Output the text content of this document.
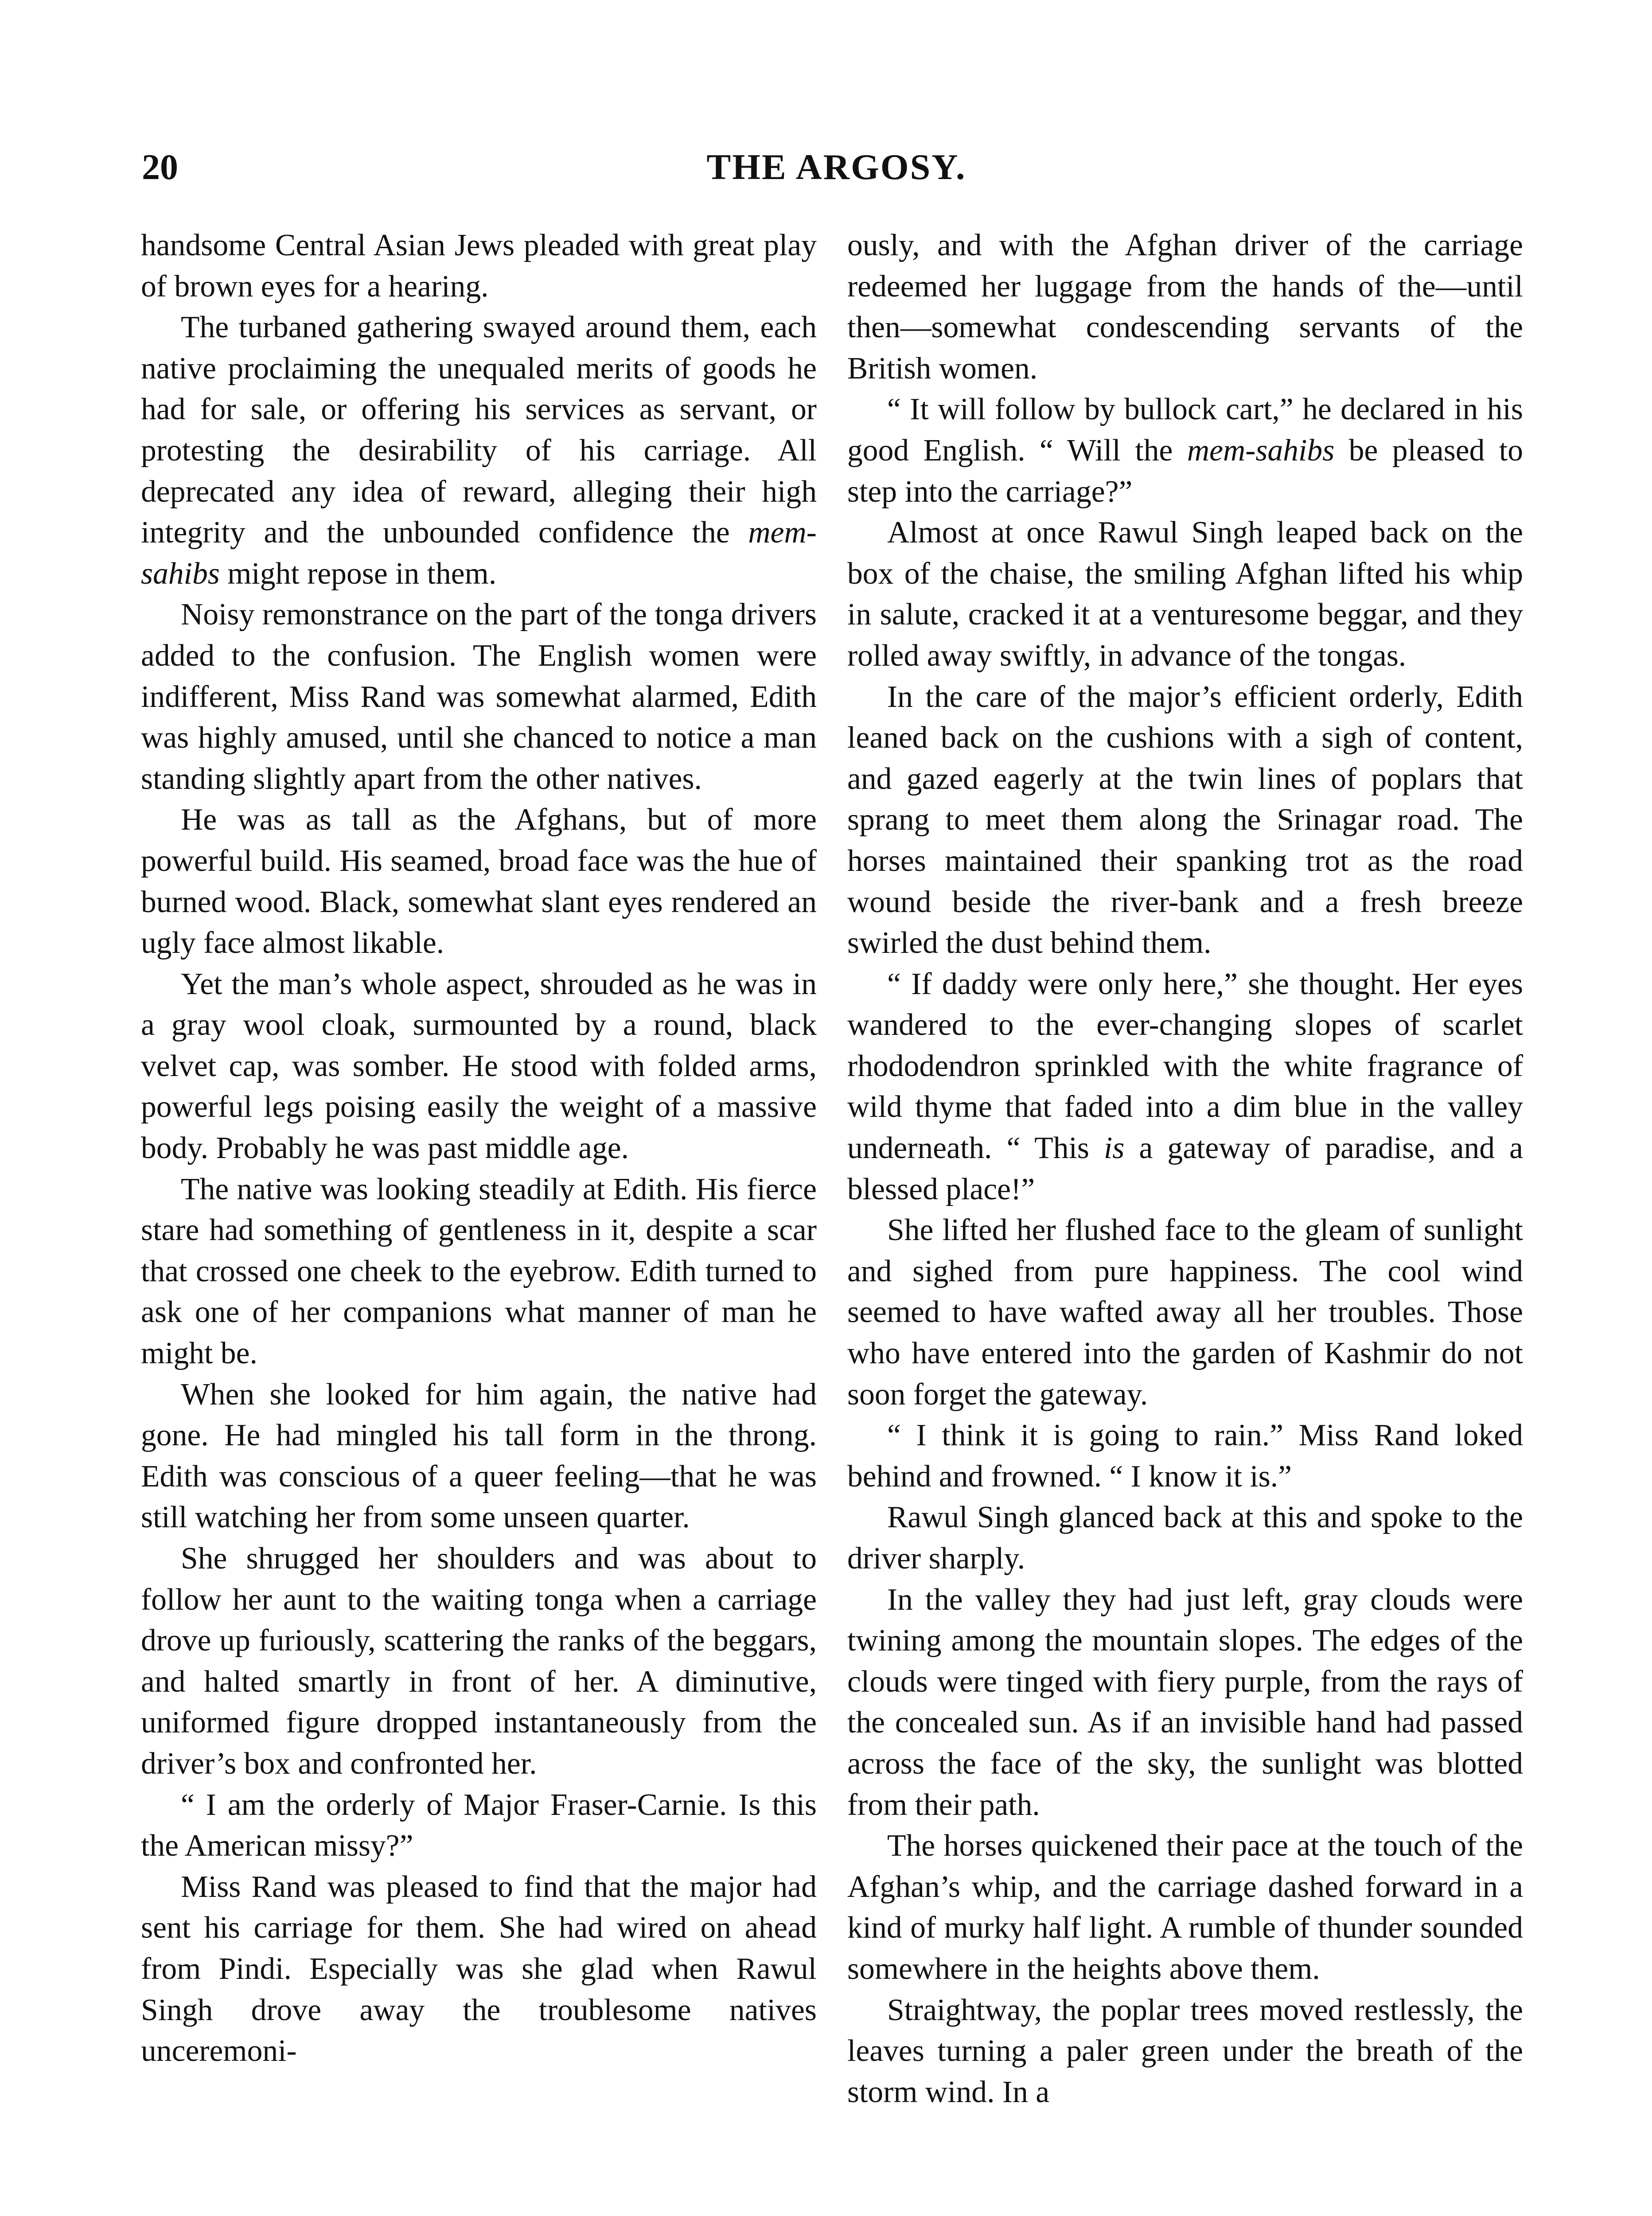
20	THE ARGOSY.

handsome Central Asian Jews pleaded with great play of brown eyes for a hearing.

The turbaned gathering swayed around them, each native proclaiming the unequaled merits of goods he had for sale, or offering his services as servant, or protesting the desirability of his carriage. All deprecated any idea of reward, alleging their high integrity and the unbounded confidence the mem-sahibs might repose in them.

Noisy remonstrance on the part of the tonga drivers added to the confusion. The English women were indifferent, Miss Rand was somewhat alarmed, Edith was highly amused, until she chanced to notice a man standing slightly apart from the other natives.

He was as tall as the Afghans, but of more powerful build. His seamed, broad face was the hue of burned wood. Black, somewhat slant eyes rendered an ugly face almost likable.

Yet the man’s whole aspect, shrouded as he was in a gray wool cloak, surmounted by a round, black velvet cap, was somber. He stood with folded arms, powerful legs poising easily the weight of a massive body. Probably he was past middle age.

The native was looking steadily at Edith. His fierce stare had something of gentleness in it, despite a scar that crossed one cheek to the eyebrow. Edith turned to ask one of her companions what manner of man he might be.

When she looked for him again, the native had gone. He had mingled his tall form in the throng. Edith was conscious of a queer feeling—that he was still watching her from some unseen quarter.

She shrugged her shoulders and was about to follow her aunt to the waiting tonga when a carriage drove up furiously, scattering the ranks of the beggars, and halted smartly in front of her. A diminutive, uniformed figure dropped instantaneously from the driver’s box and confronted her.

“ I am the orderly of Major Fraser-Carnie. Is this the American missy?”

Miss Rand was pleased to find that the major had sent his carriage for them. She had wired on ahead from Pindi. Especially was she glad when Rawul Singh drove away the troublesome natives unceremoni-

ously, and with the Afghan driver of the carriage redeemed her luggage from the hands of the—until then—somewhat condescending servants of the British women.

“ It will follow by bullock cart,” he declared in his good English. “ Will the mem-sahibs be pleased to step into the carriage?”

Almost at once Rawul Singh leaped back on the box of the chaise, the smiling Afghan lifted his whip in salute, cracked it at a venturesome beggar, and they rolled away swiftly, in advance of the tongas.

In the care of the major’s efficient orderly, Edith leaned back on the cushions with a sigh of content, and gazed eagerly at the twin lines of poplars that sprang to meet them along the Srinagar road. The horses maintained their spanking trot as the road wound beside the river-bank and a fresh breeze swirled the dust behind them.

“ If daddy were only here,” she thought. Her eyes wandered to the ever-changing slopes of scarlet rhododendron sprinkled with the white fragrance of wild thyme that faded into a dim blue in the valley underneath. “ This is a gateway of paradise, and a blessed place!”

She lifted her flushed face to the gleam of sunlight and sighed from pure happiness. The cool wind seemed to have wafted away all her troubles. Those who have entered into the garden of Kashmir do not soon forget the gateway.

“ I think it is going to rain.” Miss Rand loked behind and frowned. “ I know it is.”

Rawul Singh glanced back at this and spoke to the driver sharply.

In the valley they had just left, gray clouds were twining among the mountain slopes. The edges of the clouds were tinged with fiery purple, from the rays of the concealed sun. As if an invisible hand had passed across the face of the sky, the sunlight was blotted from their path.

The horses quickened their pace at the touch of the Afghan’s whip, and the carriage dashed forward in a kind of murky half light. A rumble of thunder sounded somewhere in the heights above them.

Straightway, the poplar trees moved restlessly, the leaves turning a paler green under the breath of the storm wind. In a
